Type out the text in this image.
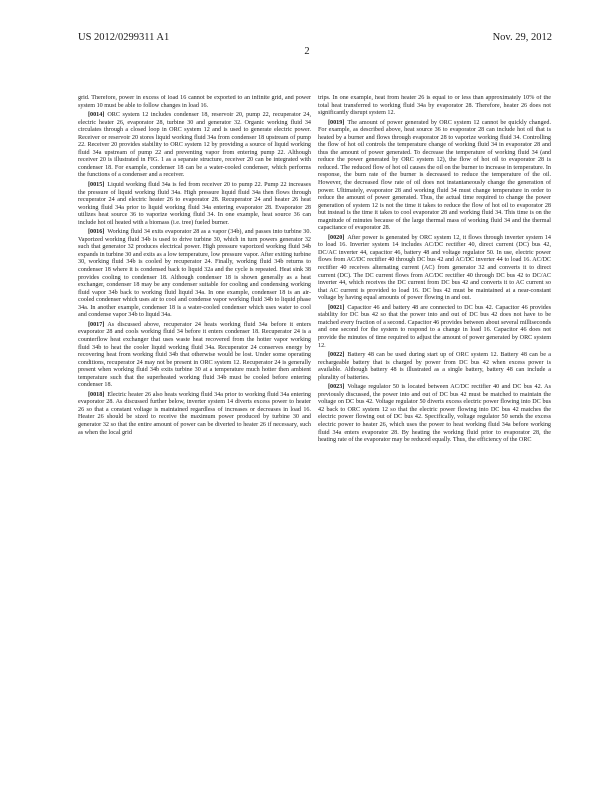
US 2012/0299311 A1	Nov. 29, 2012
2

grid. Therefore, power in excess of load 16 cannot be exported to an infinite grid, and power system 10 must be able to follow changes in load 16.

[0014] ORC system 12 includes condenser 18, reservoir 20, pump 22, recuperator 24, electric heater 26, evaporator 28, turbine 30 and generator 32. Organic working fluid 34 circulates through a closed loop in ORC system 12 and is used to generate electric power. Receiver or reservoir 20 stores liquid working fluid 34a from condenser 18 upstream of pump 22. Receiver 20 provides stability to ORC system 12 by providing a source of liquid working fluid 34a upstream of pump 22 and preventing vapor from entering pump 22. Although receiver 20 is illustrated in FIG. 1 as a separate structure, receiver 20 can be integrated with condenser 18. For example, condenser 18 can be a water-cooled condenser, which performs the functions of a condenser and a receiver.

[0015] Liquid working fluid 34a is fed from receiver 20 to pump 22. Pump 22 increases the pressure of liquid working fluid 34a. High pressure liquid fluid 34a then flows through recuperator 24 and electric heater 26 to evaporator 28. Recuperator 24 and heater 26 heat working fluid 34a prior to liquid working fluid 34a entering evaporator 28. Evaporator 28 utilizes heat source 36 to vaporize working fluid 34. In one example, heat source 36 can include hot oil heated with a biomass (i.e. tree) fueled burner.

[0016] Working fluid 34 exits evaporator 28 as a vapor (34b), and passes into turbine 30. Vaporized working fluid 34b is used to drive turbine 30, which in turn powers generator 32 such that generator 32 produces electrical power. High pressure vaporized working fluid 34b expands in turbine 30 and exits as a low temperature, low pressure vapor. After exiting turbine 30, working fluid 34b is cooled by recuperator 24. Finally, working fluid 34b returns to condenser 18 where it is condensed back to liquid 32a and the cycle is repeated. Heat sink 38 provides cooling to condenser 18. Although condenser 18 is shown generally as a heat exchanger, condenser 18 may be any condenser suitable for cooling and condensing working fluid vapor 34b back to working fluid liquid 34a. In one example, condenser 18 is an air-cooled condenser which uses air to cool and condense vapor working fluid 34b to liquid phase 34a. In another example, condenser 18 is a water-cooled condenser which uses water to cool and condense vapor 34b to liquid 34a.

[0017] As discussed above, recuperator 24 heats working fluid 34a before it enters evaporator 28 and cools working fluid 34 before it enters condenser 18. Recuperator 24 is a counterflow heat exchanger that uses waste heat recovered from the hotter vapor working fluid 34b to heat the cooler liquid working fluid 34a. Recuperator 24 conserves energy by recovering heat from working fluid 34b that otherwise would be lost. Under some operating conditions, recuperator 24 may not be present in ORC system 12. Recuperator 24 is generally present when working fluid 34b exits turbine 30 at a temperature much hotter then ambient temperature such that the superheated working fluid 34b must be cooled before entering condenser 18.

[0018] Electric heater 26 also heats working fluid 34a prior to working fluid 34a entering evaporator 28. As discussed further below, inverter system 14 diverts excess power to heater 26 so that a constant voltage is maintained regardless of increases or decreases in load 16. Heater 26 should be sized to receive the maximum power produced by turbine 30 and generator 32 so that the entire amount of power can be diverted to heater 26 if necessary, such as when the local grid

trips. In one example, heat from heater 26 is equal to or less than approximately 10% of the total heat transferred to working fluid 34a by evaporator 28. Therefore, heater 26 does not significantly disrupt system 12.

[0019] The amount of power generated by ORC system 12 cannot be quickly changed. For example, as described above, heat source 36 to evaporator 28 can include hot oil that is heated by a burner and flows through evaporator 28 to vaporize working fluid 34. Controlling the flow of hot oil controls the temperature change of working fluid 34 in evaporator 28 and thus the amount of power generated. To decrease the temperature of working fluid 34 (and reduce the power generated by ORC system 12), the flow of hot oil to evaporator 28 is reduced. The reduced flow of hot oil causes the oil on the burner to increase in temperature. In response, the burn rate of the burner is decreased to reduce the temperature of the oil. However, the decreased flow rate of oil does not instantaneously change the generation of power. Ultimately, evaporator 28 and working fluid 34 must change temperature in order to reduce the amount of power generated. Thus, the actual time required to change the power generation of system 12 is not the time it takes to reduce the flow of hot oil to evaporator 28 but instead is the time it takes to cool evaporator 28 and working fluid 34. This time is on the magnitude of minutes because of the large thermal mass of working fluid 34 and the thermal capacitance of evaporator 28.

[0020] After power is generated by ORC system 12, it flows through inverter system 14 to load 16. Inverter system 14 includes AC/DC rectifier 40, direct current (DC) bus 42, DC/AC inverter 44, capacitor 46, battery 48 and voltage regulator 50. In use, electric power flows from AC/DC rectifier 40 through DC bus 42 and AC/DC inverter 44 to load 16. AC/DC rectifier 40 receives alternating current (AC) from generator 32 and converts it to direct current (DC). The DC current flows from AC/DC rectifier 40 through DC bus 42 to DC/AC inverter 44, which receives the DC current from DC bus 42 and converts it to AC current so that AC current is provided to load 16. DC bus 42 must be maintained at a near-constant voltage by having equal amounts of power flowing in and out.

[0021] Capacitor 46 and battery 48 are connected to DC bus 42. Capacitor 46 provides stability for DC bus 42 so that the power into and out of DC bus 42 does not have to be matched every fraction of a second. Capacitor 46 provides between about several milliseconds and one second for the system to respond to a change in load 16. Capacitor 46 does not provide the minutes of time required to adjust the amount of power generated by ORC system 12.

[0022] Battery 48 can be used during start up of ORC system 12. Battery 48 can be a rechargeable battery that is charged by power from DC bus 42 when excess power is available. Although battery 48 is illustrated as a single battery, battery 48 can include a plurality of batteries.

[0023] Voltage regulator 50 is located between AC/DC rectifier 40 and DC bus 42. As previously discussed, the power into and out of DC bus 42 must be matched to maintain the voltage on DC bus 42. Voltage regulator 50 diverts excess electric power flowing into DC bus 42 back to ORC system 12 so that the electric power flowing into DC bus 42 matches the electric power flowing out of DC bus 42. Specifically, voltage regulator 50 sends the excess electric power to heater 26, which uses the power to heat working fluid 34a before working fluid 34a enters evaporator 28. By heating the working fluid prior to evaporator 28, the heating rate of the evaporator may be reduced equally. Thus, the efficiency of the ORC
